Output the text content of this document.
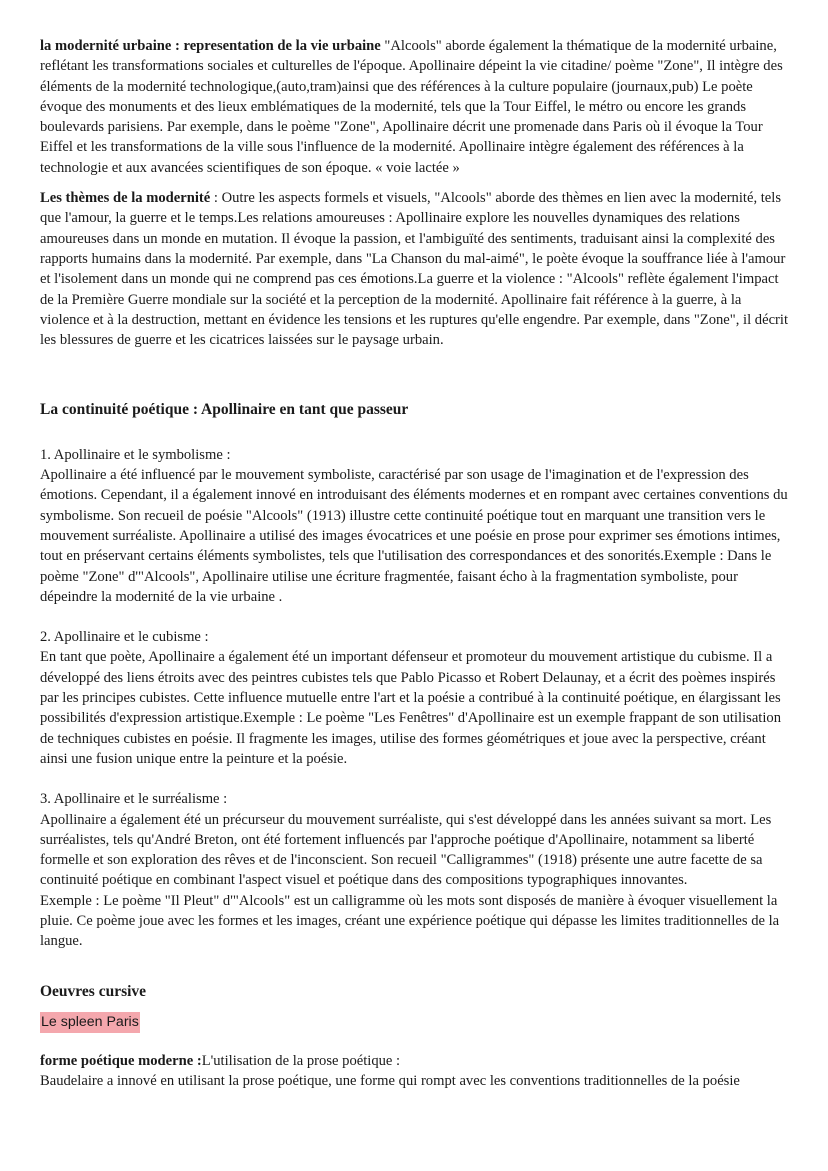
la modernité urbaine : representation de la vie urbaine "Alcools" aborde également la thématique de la modernité urbaine, reflétant les transformations sociales et culturelles de l'époque. Apollinaire dépeint la vie citadine/ poème "Zone", Il intègre des éléments de la modernité technologique,(auto,tram)ainsi que des références à la culture populaire (journaux,pub) Le poète évoque des monuments et des lieux emblématiques de la modernité, tels que la Tour Eiffel, le métro ou encore les grands boulevards parisiens. Par exemple, dans le poème "Zone", Apollinaire décrit une promenade dans Paris où il évoque la Tour Eiffel et les transformations de la ville sous l'influence de la modernité. Apollinaire intègre également des références à la technologie et aux avancées scientifiques de son époque. « voie lactée »

Les thèmes de la modernité : Outre les aspects formels et visuels, "Alcools" aborde des thèmes en lien avec la modernité, tels que l'amour, la guerre et le temps.Les relations amoureuses : Apollinaire explore les nouvelles dynamiques des relations amoureuses dans un monde en mutation. Il évoque la passion, et l'ambiguïté des sentiments, traduisant ainsi la complexité des rapports humains dans la modernité. Par exemple, dans "La Chanson du mal-aimé", le poète évoque la souffrance liée à l'amour et l'isolement dans un monde qui ne comprend pas ces émotions.La guerre et la violence : "Alcools" reflète également l'impact de la Première Guerre mondiale sur la société et la perception de la modernité. Apollinaire fait référence à la guerre, à la violence et à la destruction, mettant en évidence les tensions et les ruptures qu'elle engendre. Par exemple, dans "Zone", il décrit les blessures de guerre et les cicatrices laissées sur le paysage urbain.

La continuité poétique : Apollinaire en tant que passeur

1. Apollinaire et le symbolisme :

Apollinaire a été influencé par le mouvement symboliste, caractérisé par son usage de l'imagination et de l'expression des émotions. Cependant, il a également innové en introduisant des éléments modernes et en rompant avec certaines conventions du symbolisme. Son recueil de poésie "Alcools" (1913) illustre cette continuité poétique tout en marquant une transition vers le mouvement surréaliste. Apollinaire a utilisé des images évocatrices et une poésie en prose pour exprimer ses émotions intimes, tout en préservant certains éléments symbolistes, tels que l'utilisation des correspondances et des sonorités.Exemple : Dans le poème "Zone" d'"Alcools", Apollinaire utilise une écriture fragmentée, faisant écho à la fragmentation symboliste, pour dépeindre la modernité de la vie urbaine .

2. Apollinaire et le cubisme :

En tant que poète, Apollinaire a également été un important défenseur et promoteur du mouvement artistique du cubisme. Il a développé des liens étroits avec des peintres cubistes tels que Pablo Picasso et Robert Delaunay, et a écrit des poèmes inspirés par les principes cubistes. Cette influence mutuelle entre l'art et la poésie a contribué à la continuité poétique, en élargissant les possibilités d'expression artistique.Exemple : Le poème "Les Fenêtres" d'Apollinaire est un exemple frappant de son utilisation de techniques cubistes en poésie. Il fragmente les images, utilise des formes géométriques et joue avec la perspective, créant ainsi une fusion unique entre la peinture et la poésie.

3. Apollinaire et le surréalisme :

Apollinaire a également été un précurseur du mouvement surréaliste, qui s'est développé dans les années suivant sa mort. Les surréalistes, tels qu'André Breton, ont été fortement influencés par l'approche poétique d'Apollinaire, notamment sa liberté formelle et son exploration des rêves et de l'inconscient. Son recueil "Calligrammes" (1918) présente une autre facette de sa continuité poétique en combinant l'aspect visuel et poétique dans des compositions typographiques innovantes.

Exemple : Le poème "Il Pleut" d'"Alcools" est un calligramme où les mots sont disposés de manière à évoquer visuellement la pluie. Ce poème joue avec les formes et les images, créant une expérience poétique qui dépasse les limites traditionnelles de la langue.

Oeuvres cursive

Le spleen Paris

forme poétique moderne :L'utilisation de la prose poétique :

Baudelaire a innové en utilisant la prose poétique, une forme qui rompt avec les conventions traditionnelles de la poésie
